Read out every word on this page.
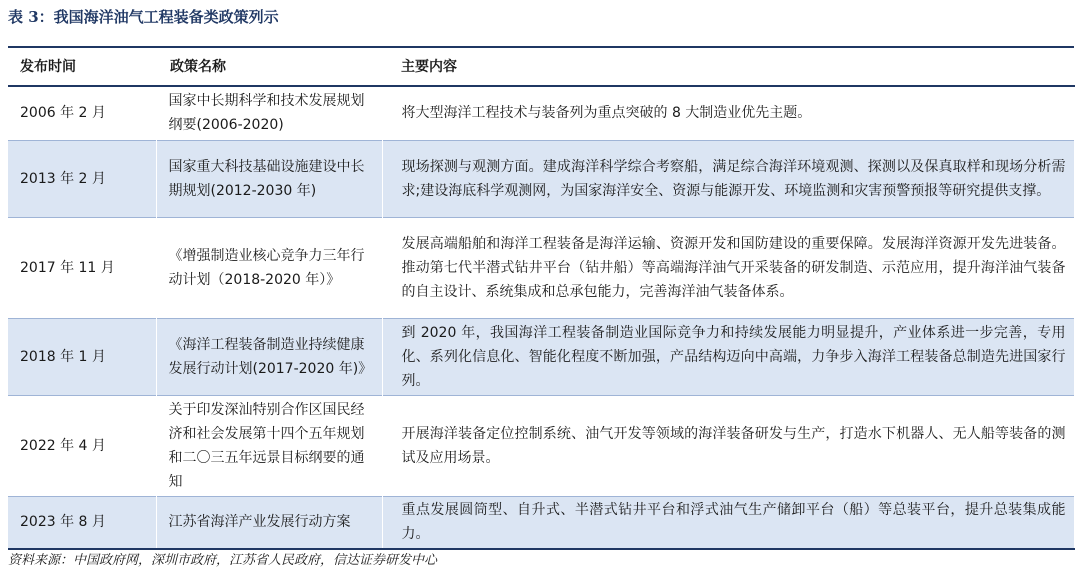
表 3：我国海洋油气工程装备类政策列示
发布时间	政策名称	主要内容
2006 年 2 月	国家中长期科学和技术发展规划纲要(2006-2020)	将大型海洋工程技术与装备列为重点突破的 8 大制造业优先主题。
2013 年 2 月	国家重大科技基础设施建设中长期规划(2012-2030 年)	现场探测与观测方面。建成海洋科学综合考察船，满足综合海洋环境观测、探测以及保真取样和现场分析需求;建设海底科学观测网，为国家海洋安全、资源与能源开发、环境监测和灾害预警预报等研究提供支撑。
2017 年 11 月	《增强制造业核心竞争力三年行动计划（2018-2020 年）》	发展高端船舶和海洋工程装备是海洋运输、资源开发和国防建设的重要保障。发展海洋资源开发先进装备。推动第七代半潜式钻井平台（钻井船）等高端海洋油气开采装备的研发制造、示范应用，提升海洋油气装备的自主设计、系统集成和总承包能力，完善海洋油气装备体系。
2018 年 1 月	《海洋工程装备制造业持续健康发展行动计划(2017-2020 年)》	到 2020 年，我国海洋工程装备制造业国际竞争力和持续发展能力明显提升，产业体系进一步完善，专用化、系列化信息化、智能化程度不断加强，产品结构迈向中高端，力争步入海洋工程装备总制造先进国家行列。
2022 年 4 月	关于印发深汕特别合作区国民经济和社会发展第十四个五年规划和二〇三五年远景目标纲要的通知	开展海洋装备定位控制系统、油气开发等领域的海洋装备研发与生产，打造水下机器人、无人船等装备的测试及应用场景。
2023 年 8 月	江苏省海洋产业发展行动方案	重点发展圆筒型、自升式、半潜式钻井平台和浮式油气生产储卸平台（船）等总装平台，提升总装集成能力。
资料来源：中国政府网，深圳市政府，江苏省人民政府，信达证券研发中心
